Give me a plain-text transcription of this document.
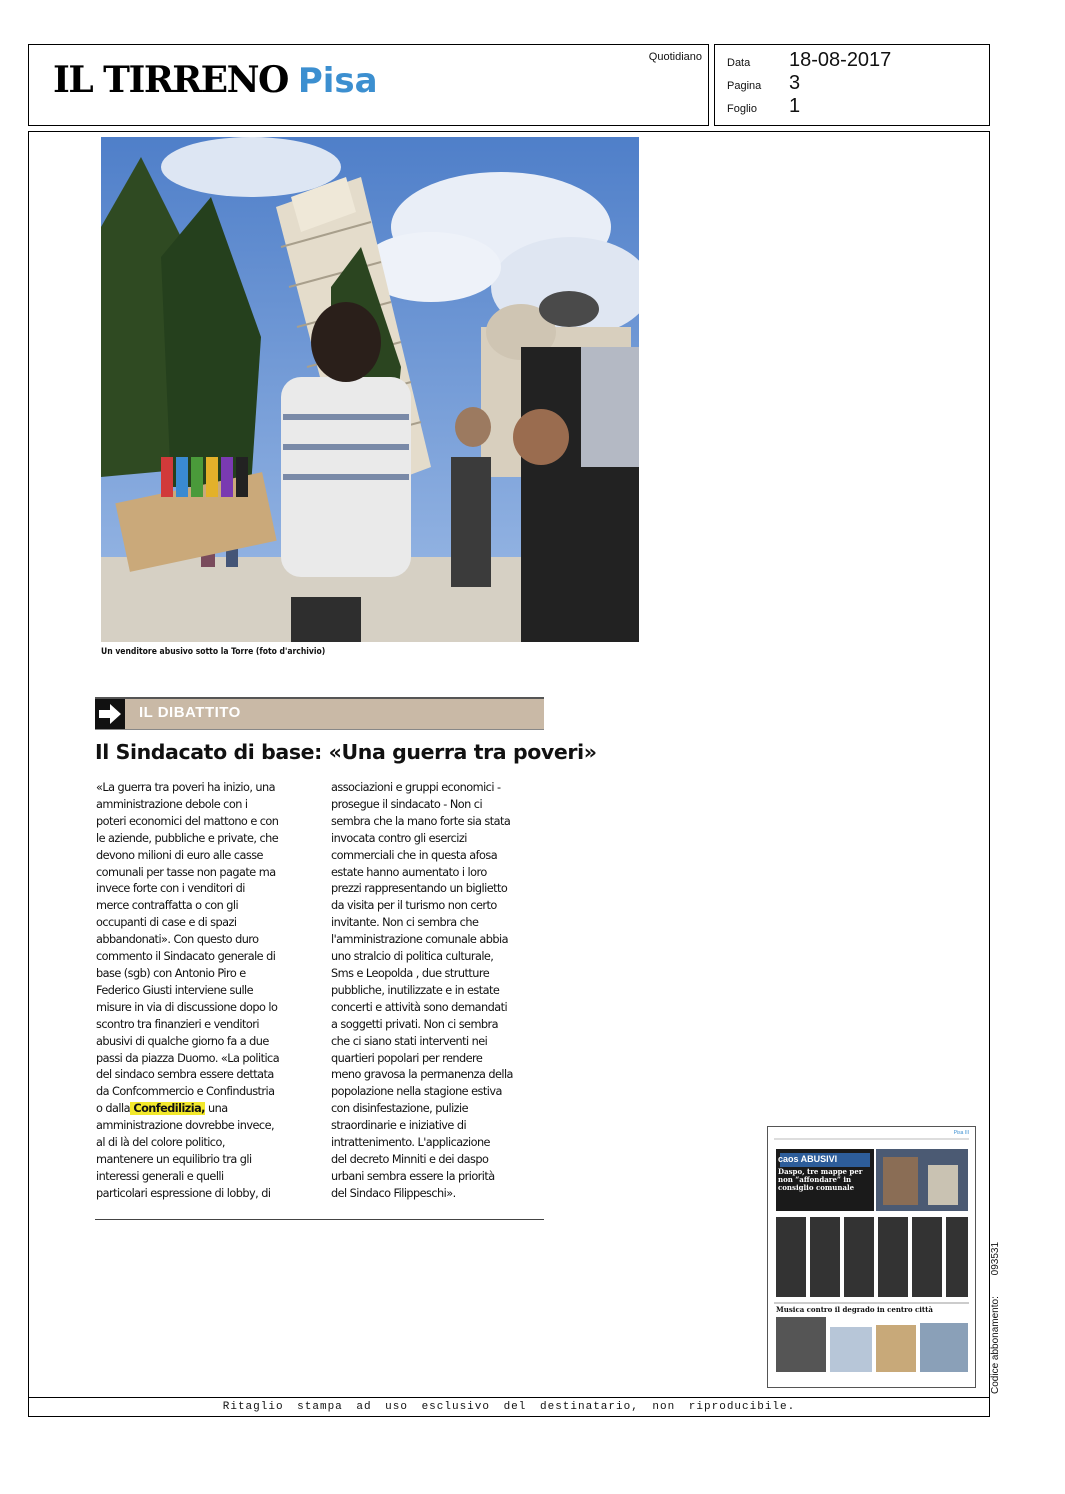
IL TIRRENO Pisa
Quotidiano Data 18-08-2017
Pagina 3
Foglio 1
Un venditore abusivo sotto la Torre (foto d'archivio)
IL DIBATTITO
Il Sindacato di base: «Una guerra tra poveri»

«La guerra tra poveri ha inizio, una

amministrazione debole con i

poteri economici del mattono e con

le aziende, pubbliche e private, che

devono milioni di euro alle casse

comunali per tasse non pagate ma

invece forte con i venditori di

merce contraffatta o con gli

occupanti di case e di spazi

abbandonati». Con questo duro

commento il Sindacato generale di

base (sgb) con Antonio Piro e

Federico Giusti interviene sulle

misure in via di discussione dopo lo

scontro tra finanzieri e venditori

abusivi di qualche giorno fa a due

passi da piazza Duomo. «La politica

del sindaco sembra essere dettata

da Confcommercio e Confindustria

o dalla Confedilizia, una

amministrazione dovrebbe invece,

al di là del colore politico,

mantenere un equilibrio tra gli

interessi generali e quelli

particolari espressione di lobby, di

associazioni e gruppi economici -

prosegue il sindacato - Non ci

sembra che la mano forte sia stata

invocata contro gli esercizi

commerciali che in questa afosa

estate hanno aumentato i loro

prezzi rappresentando un biglietto

da visita per il turismo non certo

invitante. Non ci sembra che

l'amministrazione comunale abbia

uno stralcio di politica culturale,

Sms e Leopolda , due strutture

pubbliche, inutilizzate e in estate

concerti e attività sono demandati

a soggetti privati. Non ci sembra

che ci siano stati interventi nei

quartieri popolari per rendere

meno gravosa la permanenza della

popolazione nella stagione estiva

con disinfestazione, pulizie

straordinarie e iniziative di

intrattenimento. L'applicazione

del decreto Minniti e dei daspo

urbani sembra essere la priorità

del Sindaco Filippeschi».

caos ABUSIVI
Daspo, tre mappe per non “affondare” in consiglio comunale
Musica contro il degrado in centro città
Pisa III
Ritaglio stampa ad uso esclusivo del destinatario, non riproducibile.
Codice abbonamento: 093531
